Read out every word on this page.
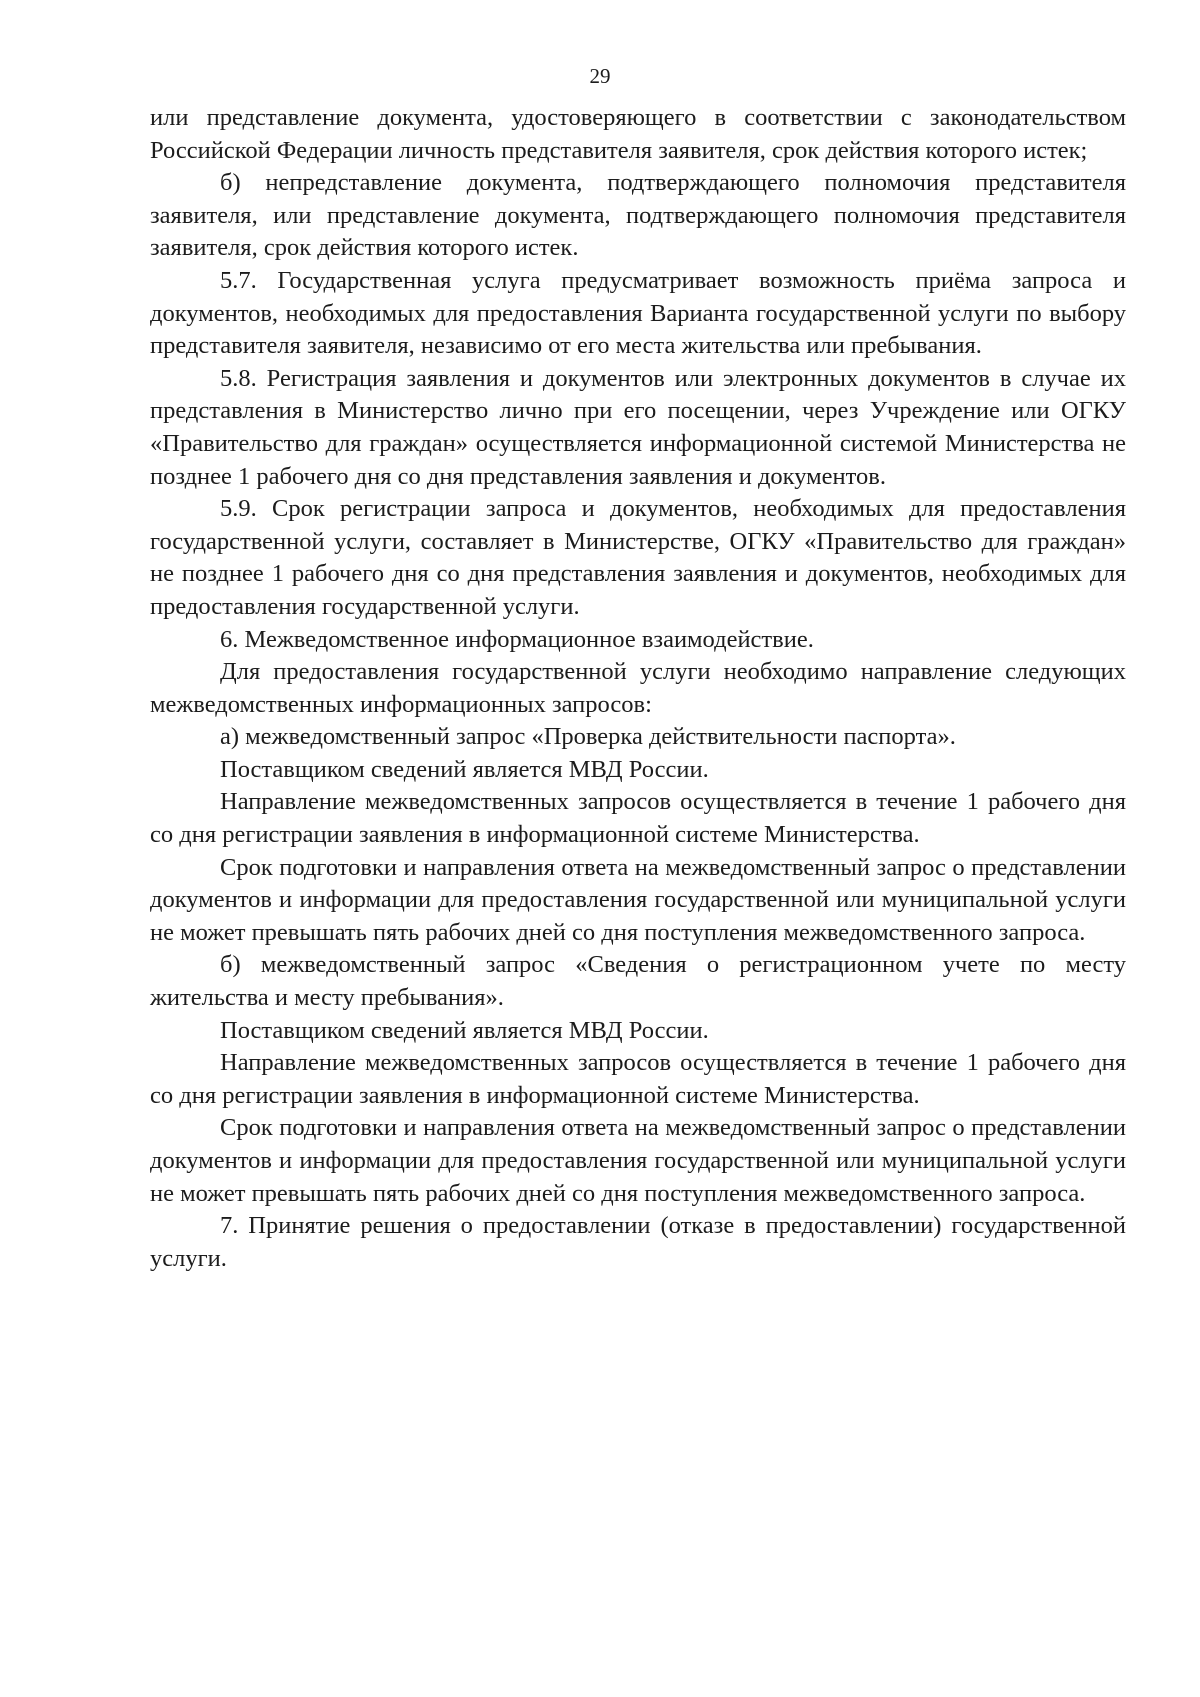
29

или представление документа, удостоверяющего в соответствии с законодательством Российской Федерации личность представителя заявителя, срок действия которого истек;

б) непредставление документа, подтверждающего полномочия представителя заявителя, или представление документа, подтверждающего полномочия представителя заявителя, срок действия которого истек.

5.7. Государственная услуга предусматривает возможность приёма запроса и документов, необходимых для предоставления Варианта государственной услуги по выбору представителя заявителя, независимо от его места жительства или пребывания.

5.8. Регистрация заявления и документов или электронных документов в случае их представления в Министерство лично при его посещении, через Учреждение или ОГКУ «Правительство для граждан» осуществляется информационной системой Министерства не позднее 1 рабочего дня со дня представления заявления и документов.

5.9. Срок регистрации запроса и документов, необходимых для предоставления государственной услуги, составляет в Министерстве, ОГКУ «Правительство для граждан» не позднее 1 рабочего дня со дня представления заявления и документов, необходимых для предоставления государственной услуги.

6. Межведомственное информационное взаимодействие.

Для предоставления государственной услуги необходимо направление следующих межведомственных информационных запросов:

а) межведомственный запрос «Проверка действительности паспорта».

Поставщиком сведений является МВД России.

Направление межведомственных запросов осуществляется в течение 1 рабочего дня со дня регистрации заявления в информационной системе Министерства.

Срок подготовки и направления ответа на межведомственный запрос о представлении документов и информации для предоставления государственной или муниципальной услуги не может превышать пять рабочих дней со дня поступления межведомственного запроса.

б) межведомственный запрос «Сведения о регистрационном учете по месту жительства и месту пребывания».

Поставщиком сведений является МВД России.

Направление межведомственных запросов осуществляется в течение 1 рабочего дня со дня регистрации заявления в информационной системе Министерства.

Срок подготовки и направления ответа на межведомственный запрос о представлении документов и информации для предоставления государственной или муниципальной услуги не может превышать пять рабочих дней со дня поступления межведомственного запроса.

7. Принятие решения о предоставлении (отказе в предоставлении) государственной услуги.
